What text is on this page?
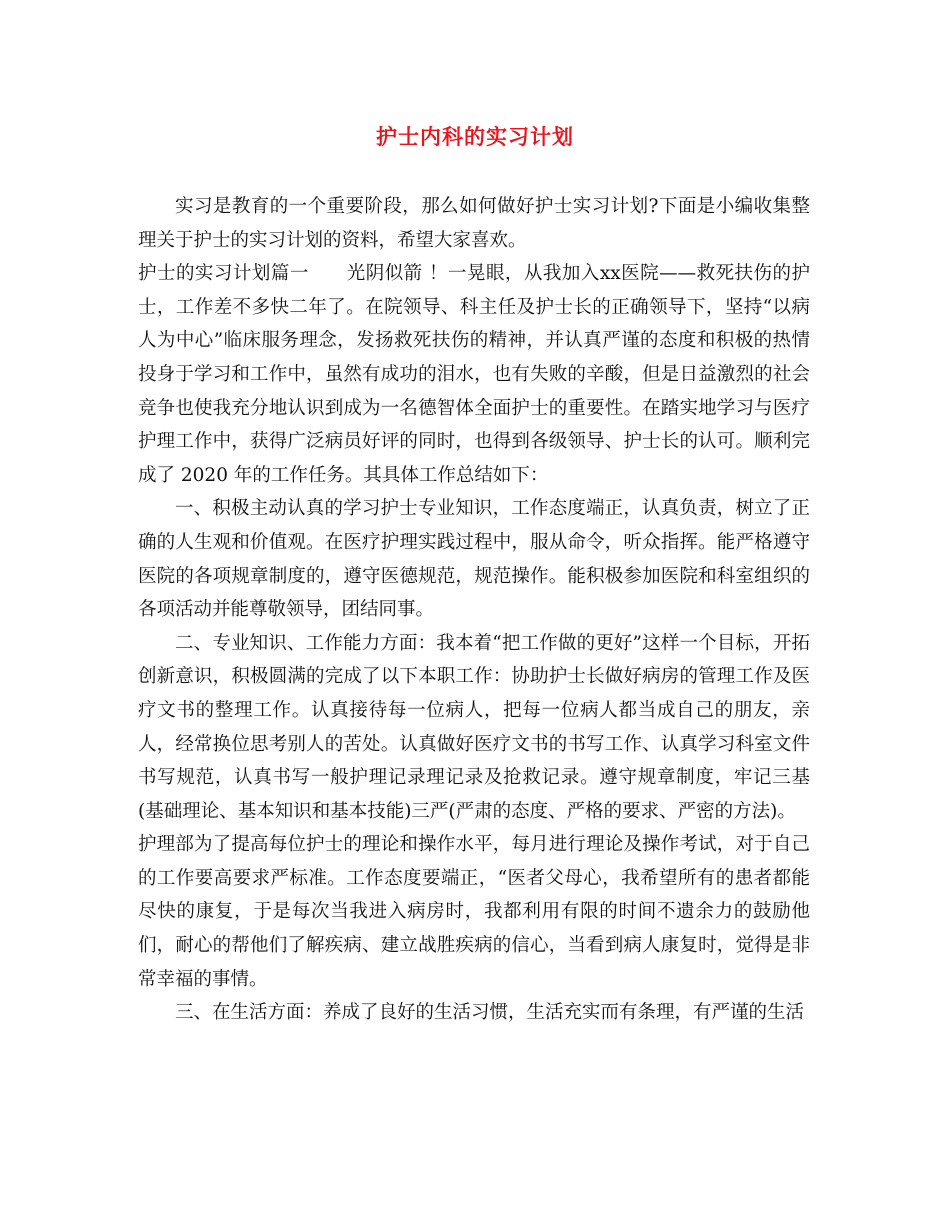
护士内科的实习计划

实习是教育的一个重要阶段，那么如何做好护士实习计划?下面是小编收集整理关于护士的实习计划的资料，希望大家喜欢。

护士的实习计划篇一　　光阴似箭 ！一晃眼，从我加入xx医院——救死扶伤的护士，工作差不多快二年了。在院领导、科主任及护士长的正确领导下，坚持“以病人为中心”临床服务理念，发扬救死扶伤的精神，并认真严谨的态度和积极的热情投身于学习和工作中，虽然有成功的泪水，也有失败的辛酸，但是日益激烈的社会竞争也使我充分地认识到成为一名德智体全面护士的重要性。在踏实地学习与医疗护理工作中，获得广泛病员好评的同时，也得到各级领导、护士长的认可。顺利完成了 2020 年的工作任务。其具体工作总结如下：

一、积极主动认真的学习护士专业知识，工作态度端正，认真负责，树立了正确的人生观和价值观。在医疗护理实践过程中，服从命令，听众指挥。能严格遵守医院的各项规章制度的，遵守医德规范，规范操作。能积极参加医院和科室组织的各项活动并能尊敬领导，团结同事。

二、专业知识、工作能力方面：我本着“把工作做的更好”这样一个目标，开拓创新意识，积极圆满的完成了以下本职工作：协助护士长做好病房的管理工作及医疗文书的整理工作。认真接待每一位病人，把每一位病人都当成自己的朋友，亲人，经常换位思考别人的苦处。认真做好医疗文书的书写工作、认真学习科室文件书写规范，认真书写一般护理记录理记录及抢救记录。遵守规章制度，牢记三基(基础理论、基本知识和基本技能)三严(严肃的态度、严格的要求、严密的方法)。

护理部为了提高每位护士的理论和操作水平，每月进行理论及操作考试，对于自己的工作要高要求严标准。工作态度要端正，“医者父母心，我希望所有的患者都能尽快的康复，于是每次当我进入病房时，我都利用有限的时间不遗余力的鼓励他们，耐心的帮他们了解疾病、建立战胜疾病的信心，当看到病人康复时，觉得是非常幸福的事情。

三、在生活方面：养成了良好的生活习惯，生活充实而有条理，有严谨的生活
